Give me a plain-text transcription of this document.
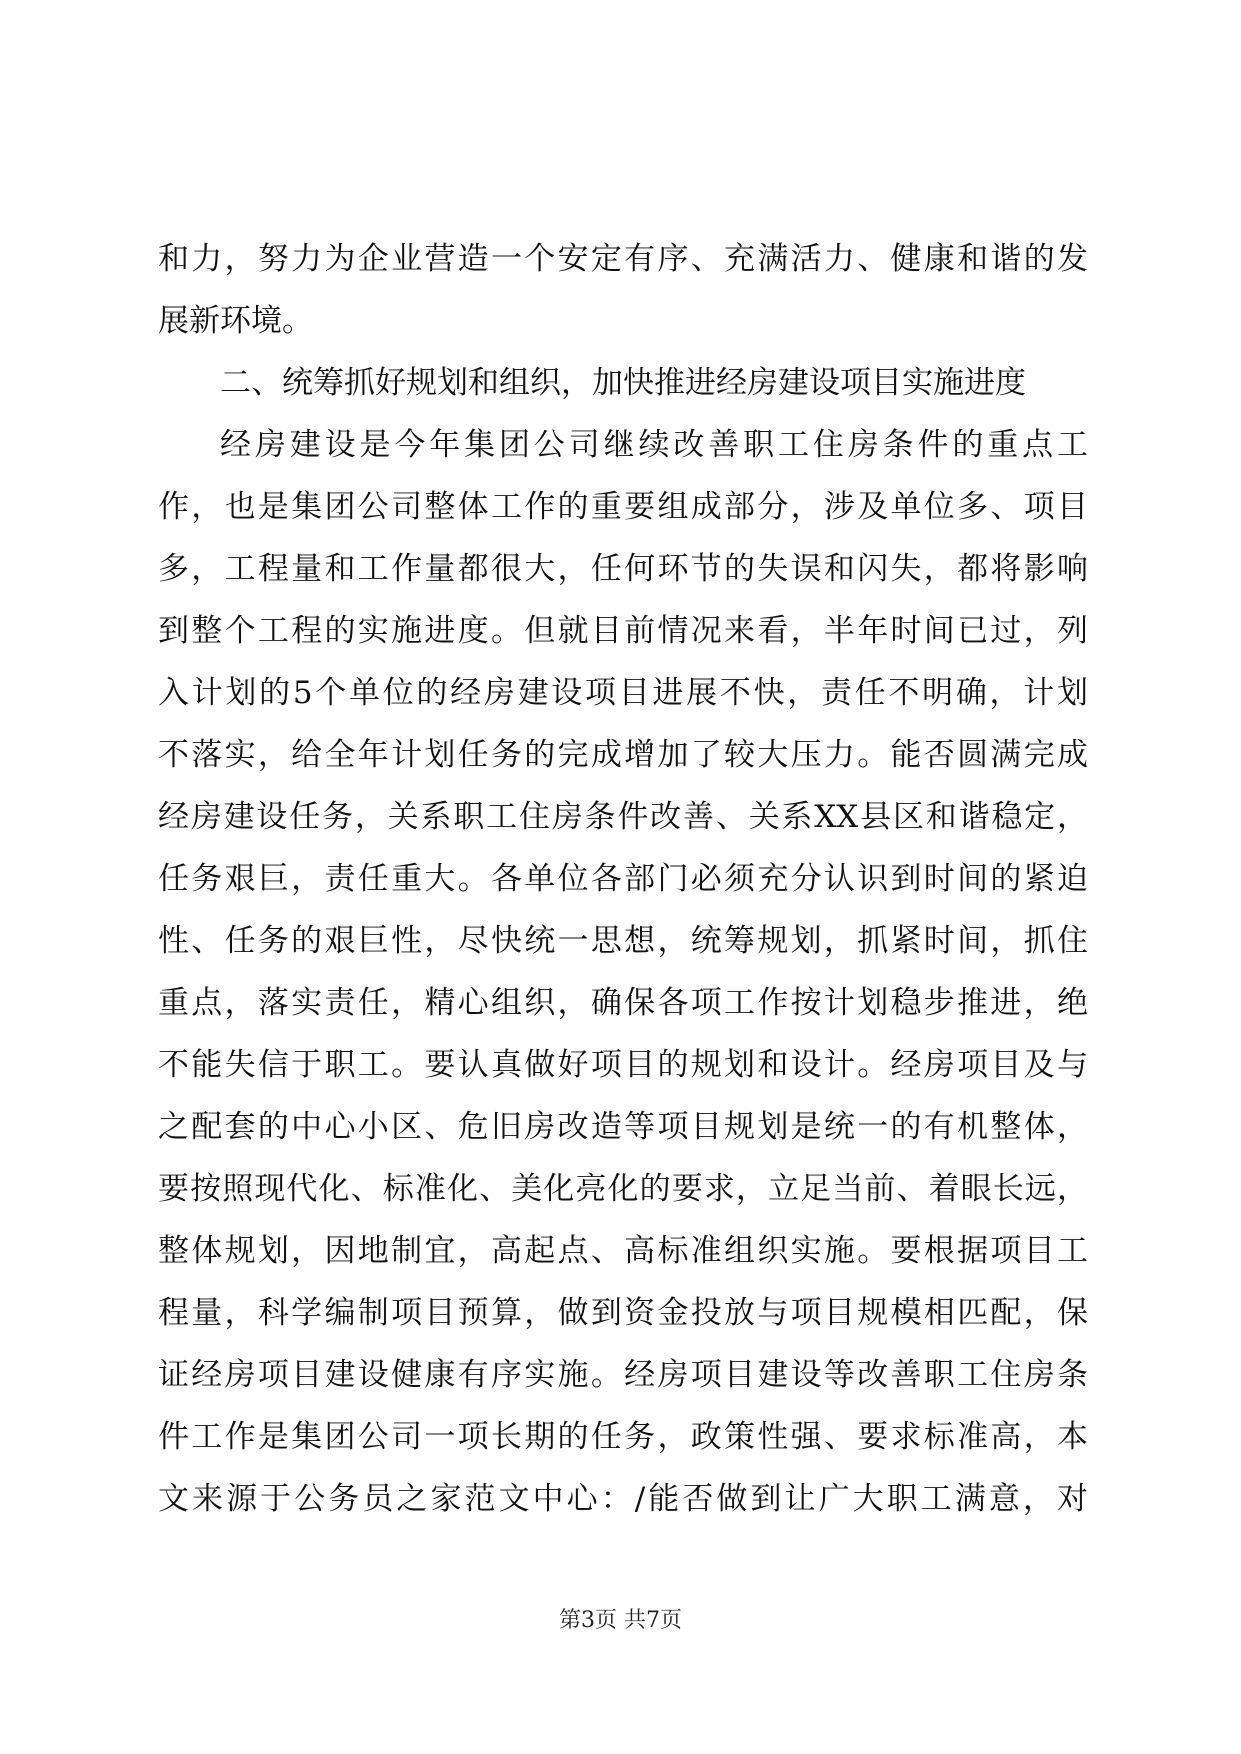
和力，努力为企业营造一个安定有序、充满活力、健康和谐的发
展新环境。
二、统筹抓好规划和组织，加快推进经房建设项目实施进度
经房建设是今年集团公司继续改善职工住房条件的重点工
作，也是集团公司整体工作的重要组成部分，涉及单位多、项目
多，工程量和工作量都很大，任何环节的失误和闪失，都将影响
到整个工程的实施进度。但就目前情况来看，半年时间已过，列
入计划的5个单位的经房建设项目进展不快，责任不明确，计划
不落实，给全年计划任务的完成增加了较大压力。能否圆满完成
经房建设任务，关系职工住房条件改善、关系XX县区和谐稳定，
任务艰巨，责任重大。各单位各部门必须充分认识到时间的紧迫
性、任务的艰巨性，尽快统一思想，统筹规划，抓紧时间，抓住
重点，落实责任，精心组织，确保各项工作按计划稳步推进，绝
不能失信于职工。要认真做好项目的规划和设计。经房项目及与
之配套的中心小区、危旧房改造等项目规划是统一的有机整体，
要按照现代化、标准化、美化亮化的要求，立足当前、着眼长远，
整体规划，因地制宜，高起点、高标准组织实施。要根据项目工
程量，科学编制项目预算，做到资金投放与项目规模相匹配，保
证经房项目建设健康有序实施。经房项目建设等改善职工住房条
件工作是集团公司一项长期的任务，政策性强、要求标准高，本
文来源于公务员之家范文中心：/能否做到让广大职工满意，对
第3页 共7页
